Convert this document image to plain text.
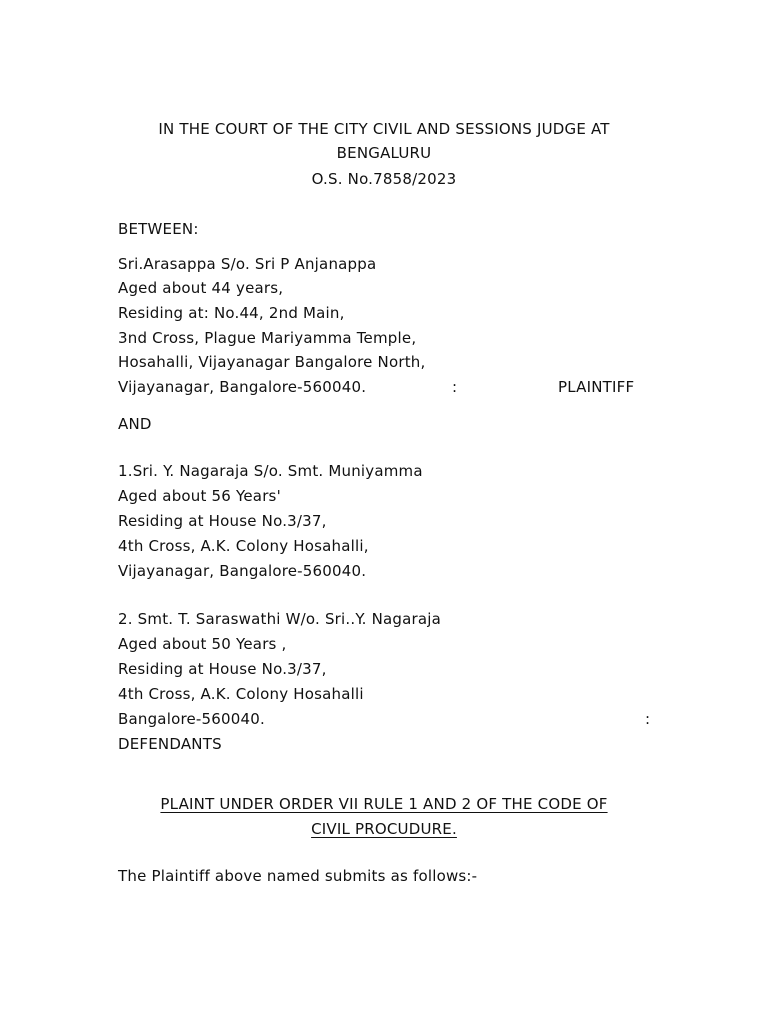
IN THE COURT OF THE CITY CIVIL AND SESSIONS JUDGE AT
BENGALURU
O.S. No.7858/2023
BETWEEN:
Sri.Arasappa S/o. Sri P Anjanappa
Aged about 44 years,
Residing at: No.44, 2nd Main,
3nd Cross, Plague Mariyamma Temple,
Hosahalli, Vijayanagar Bangalore North,
Vijayanagar, Bangalore-560040.	:	PLAINTIFF
AND
1.Sri. Y. Nagaraja S/o. Smt. Muniyamma
Aged about 56 Years'
Residing at House No.3/37,
4th Cross, A.K. Colony Hosahalli,
Vijayanagar, Bangalore-560040.
2. Smt. T. Saraswathi W/o. Sri..Y. Nagaraja
Aged about 50 Years ,
Residing at House No.3/37,
4th Cross, A.K. Colony Hosahalli
Bangalore-560040.	:
DEFENDANTS
PLAINT UNDER ORDER VII RULE 1 AND 2 OF THE CODE OF
CIVIL PROCUDURE.
The Plaintiff above named submits as follows:-
